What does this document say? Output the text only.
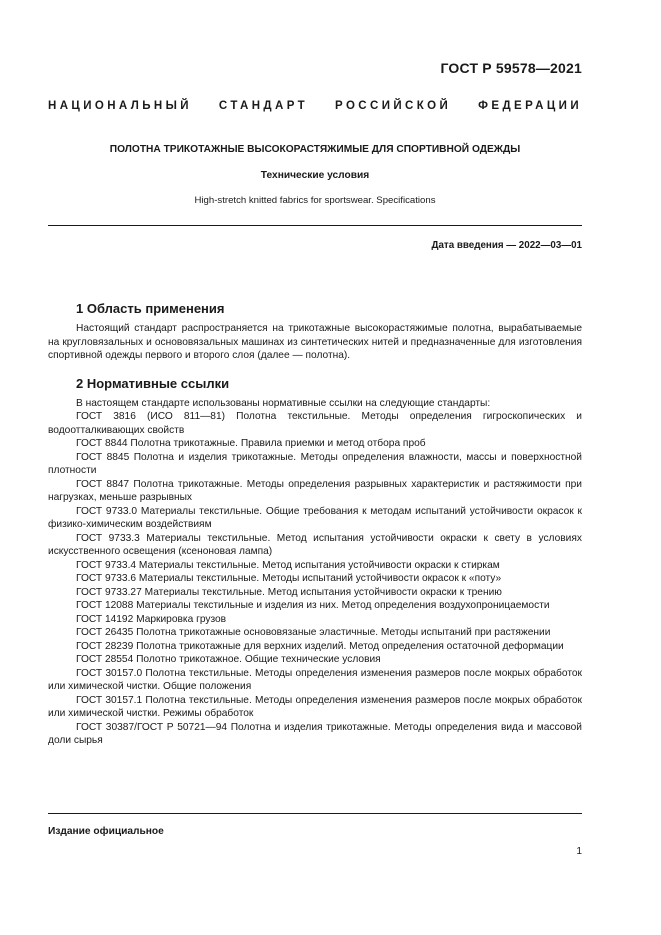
ГОСТ Р 59578—2021
НАЦИОНАЛЬНЫЙ СТАНДАРТ РОССИЙСКОЙ ФЕДЕРАЦИИ
ПОЛОТНА ТРИКОТАЖНЫЕ ВЫСОКОРАСТЯЖИМЫЕ ДЛЯ СПОРТИВНОЙ ОДЕЖДЫ
Технические условия
High-stretch knitted fabrics for sportswear. Specifications
Дата введения — 2022—03—01
1 Область применения

Настоящий стандарт распространяется на трикотажные высокорастяжимые полотна, вырабатываемые на кругловязальных и основовязальных машинах из синтетических нитей и предназначенные для изготовления спортивной одежды первого и второго слоя (далее — полотна).

2 Нормативные ссылки

В настоящем стандарте использованы нормативные ссылки на следующие стандарты:

ГОСТ 3816 (ИСО 811—81) Полотна текстильные. Методы определения гигроскопических и водоотталкивающих свойств

ГОСТ 8844 Полотна трикотажные. Правила приемки и метод отбора проб

ГОСТ 8845 Полотна и изделия трикотажные. Методы определения влажности, массы и поверхностной плотности

ГОСТ 8847 Полотна трикотажные. Методы определения разрывных характеристик и растяжимости при нагрузках, меньше разрывных

ГОСТ 9733.0 Материалы текстильные. Общие требования к методам испытаний устойчивости окрасок к физико-химическим воздействиям

ГОСТ 9733.3 Материалы текстильные. Метод испытания устойчивости окраски к свету в условиях искусственного освещения (ксеноновая лампа)

ГОСТ 9733.4 Материалы текстильные. Метод испытания устойчивости окраски к стиркам

ГОСТ 9733.6 Материалы текстильные. Методы испытаний устойчивости окрасок к «поту»

ГОСТ 9733.27 Материалы текстильные. Метод испытания устойчивости окраски к трению

ГОСТ 12088 Материалы текстильные и изделия из них. Метод определения воздухопроницаемости

ГОСТ 14192 Маркировка грузов

ГОСТ 26435 Полотна трикотажные основовязаные эластичные. Методы испытаний при растяжении

ГОСТ 28239 Полотна трикотажные для верхних изделий. Метод определения остаточной деформации

ГОСТ 28554 Полотно трикотажное. Общие технические условия

ГОСТ 30157.0 Полотна текстильные. Методы определения изменения размеров после мокрых обработок или химической чистки. Общие положения

ГОСТ 30157.1 Полотна текстильные. Методы определения изменения размеров после мокрых обработок или химической чистки. Режимы обработок

ГОСТ 30387/ГОСТ Р 50721—94 Полотна и изделия трикотажные. Методы определения вида и массовой доли сырья

Издание официальное
1
